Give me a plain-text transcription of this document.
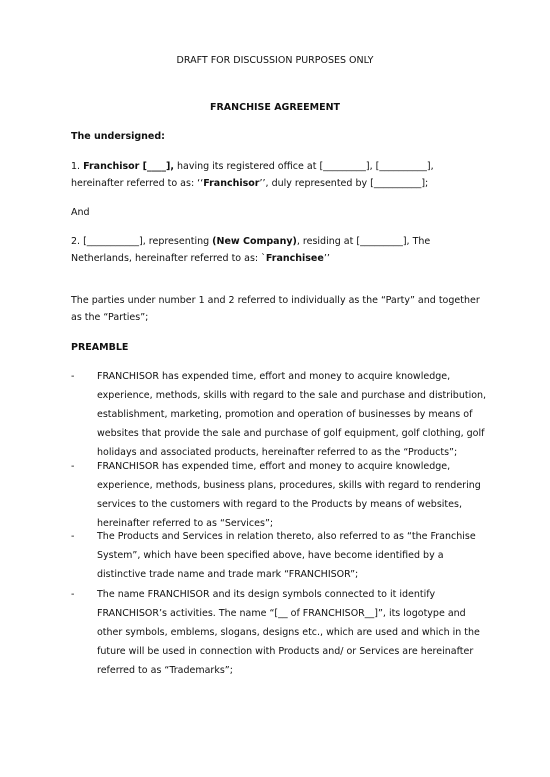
DRAFT FOR DISCUSSION PURPOSES ONLY
FRANCHISE AGREEMENT
The undersigned:
1. Franchisor [____], having its registered office at [_________], [__________],
hereinafter referred to as: ‘‘Franchisor’’, duly represented by [__________];
And
2. [___________], representing (New Company), residing at [_________], The
Netherlands, hereinafter referred to as: `Franchisee’’
The parties under number 1 and 2 referred to individually as the “Party” and together
as the “Parties”;
PREAMBLE
- FRANCHISOR has expended time, effort and money to acquire knowledge,
experience, methods, skills with regard to the sale and purchase and distribution,
establishment, marketing, promotion and operation of businesses by means of
websites that provide the sale and purchase of golf equipment, golf clothing, golf
holidays and associated products, hereinafter referred to as the “Products”;
- FRANCHISOR has expended time, effort and money to acquire knowledge,
experience, methods, business plans, procedures, skills with regard to rendering
services to the customers with regard to the Products by means of websites,
hereinafter referred to as “Services”;
- The Products and Services in relation thereto, also referred to as “the Franchise
System”, which have been specified above, have become identified by a
distinctive trade name and trade mark “FRANCHISOR”;
- The name FRANCHISOR and its design symbols connected to it identify
FRANCHISOR’s activities. The name “[__ of FRANCHISOR__]”, its logotype and
other symbols, emblems, slogans, designs etc., which are used and which in the
future will be used in connection with Products and/ or Services are hereinafter
referred to as “Trademarks”;
